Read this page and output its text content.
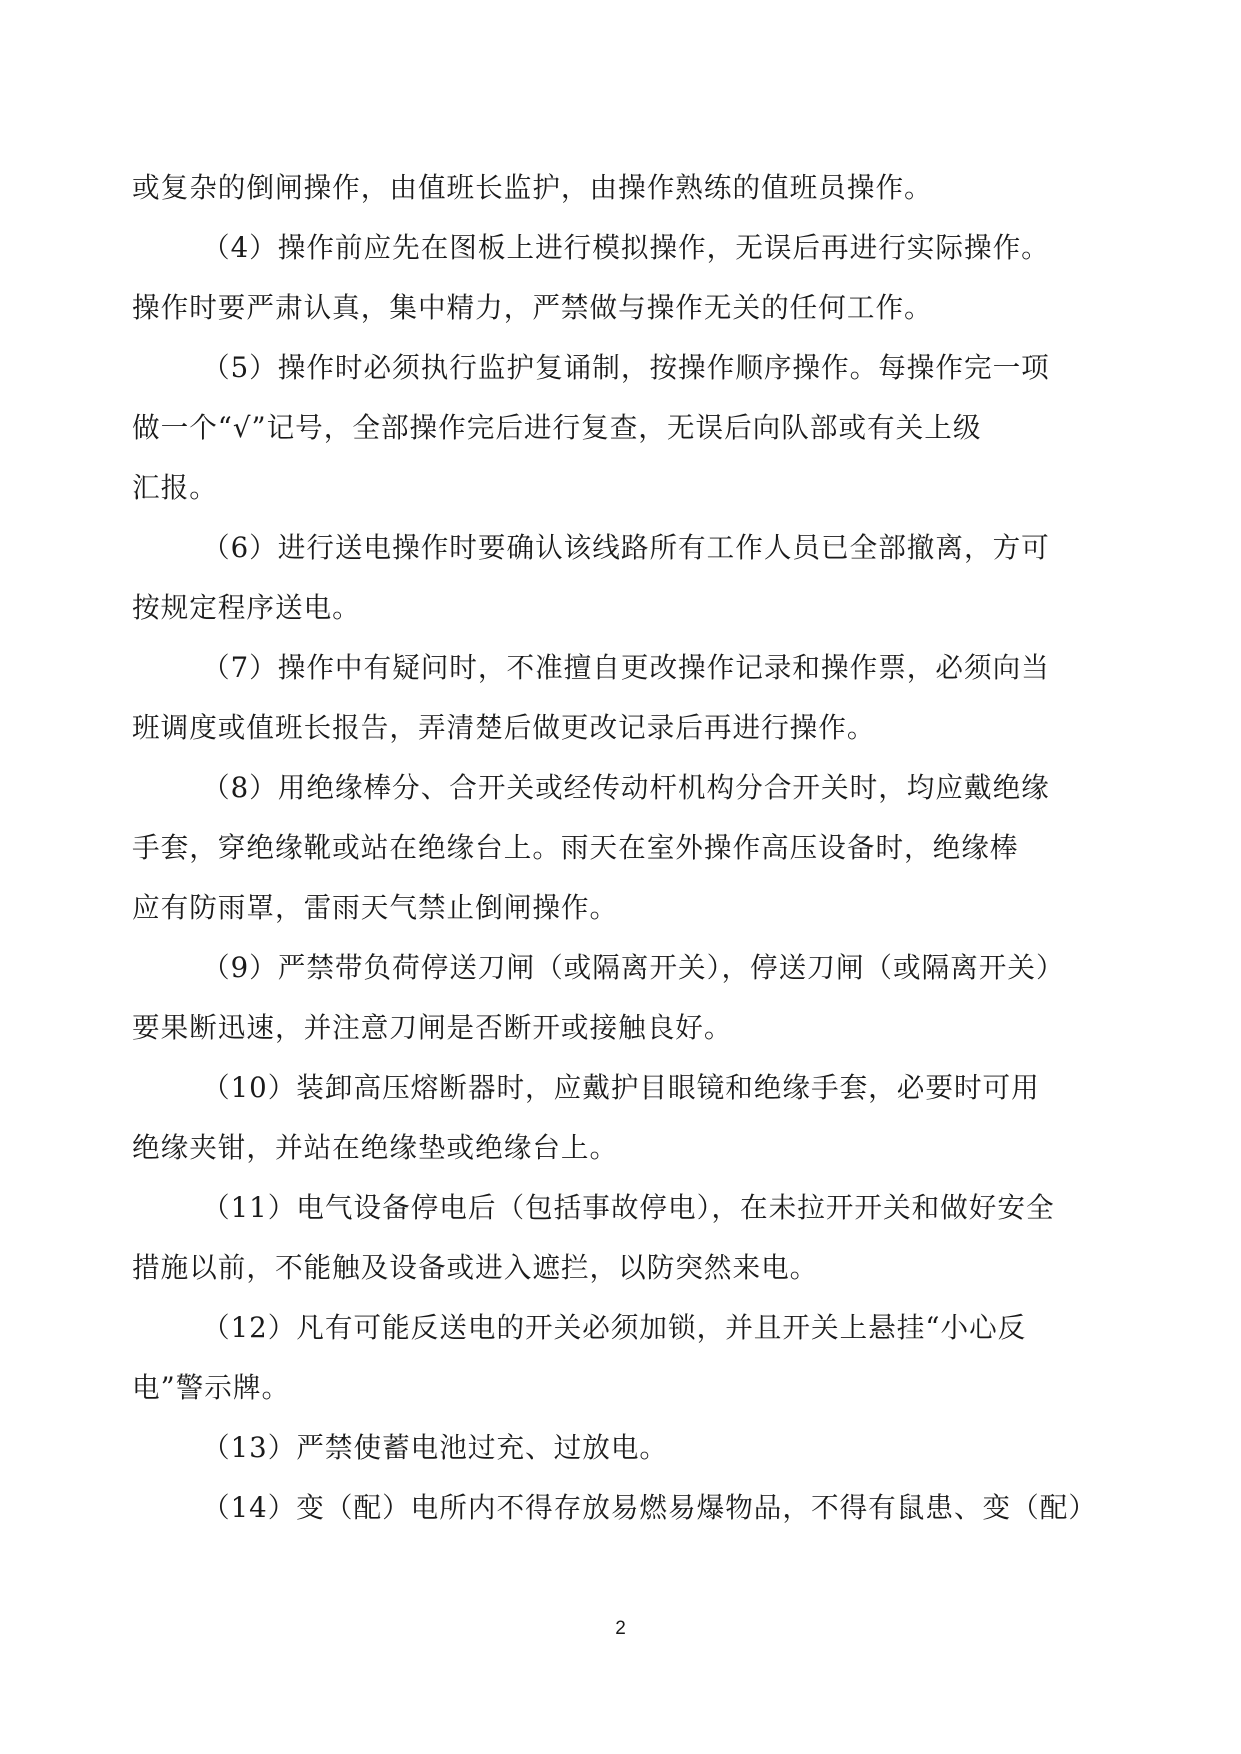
或复杂的倒闸操作，由值班长监护，由操作熟练的值班员操作。
（4）操作前应先在图板上进行模拟操作，无误后再进行实际操作。
操作时要严肃认真，集中精力，严禁做与操作无关的任何工作。
（5）操作时必须执行监护复诵制，按操作顺序操作。每操作完一项
做一个“√”记号，全部操作完后进行复查，无误后向队部或有关上级
汇报。
（6）进行送电操作时要确认该线路所有工作人员已全部撤离，方可
按规定程序送电。
（7）操作中有疑问时，不准擅自更改操作记录和操作票，必须向当
班调度或值班长报告，弄清楚后做更改记录后再进行操作。
（8）用绝缘棒分、合开关或经传动杆机构分合开关时，均应戴绝缘
手套，穿绝缘靴或站在绝缘台上。雨天在室外操作高压设备时，绝缘棒
应有防雨罩，雷雨天气禁止倒闸操作。
（9）严禁带负荷停送刀闸（或隔离开关），停送刀闸（或隔离开关）
要果断迅速，并注意刀闸是否断开或接触良好。
（10）装卸高压熔断器时，应戴护目眼镜和绝缘手套，必要时可用
绝缘夹钳，并站在绝缘垫或绝缘台上。
（11）电气设备停电后（包括事故停电），在未拉开开关和做好安全
措施以前，不能触及设备或进入遮拦，以防突然来电。
（12）凡有可能反送电的开关必须加锁，并且开关上悬挂“小心反
电”警示牌。
（13）严禁使蓄电池过充、过放电。
（14）变（配）电所内不得存放易燃易爆物品，不得有鼠患、变（配）
2
